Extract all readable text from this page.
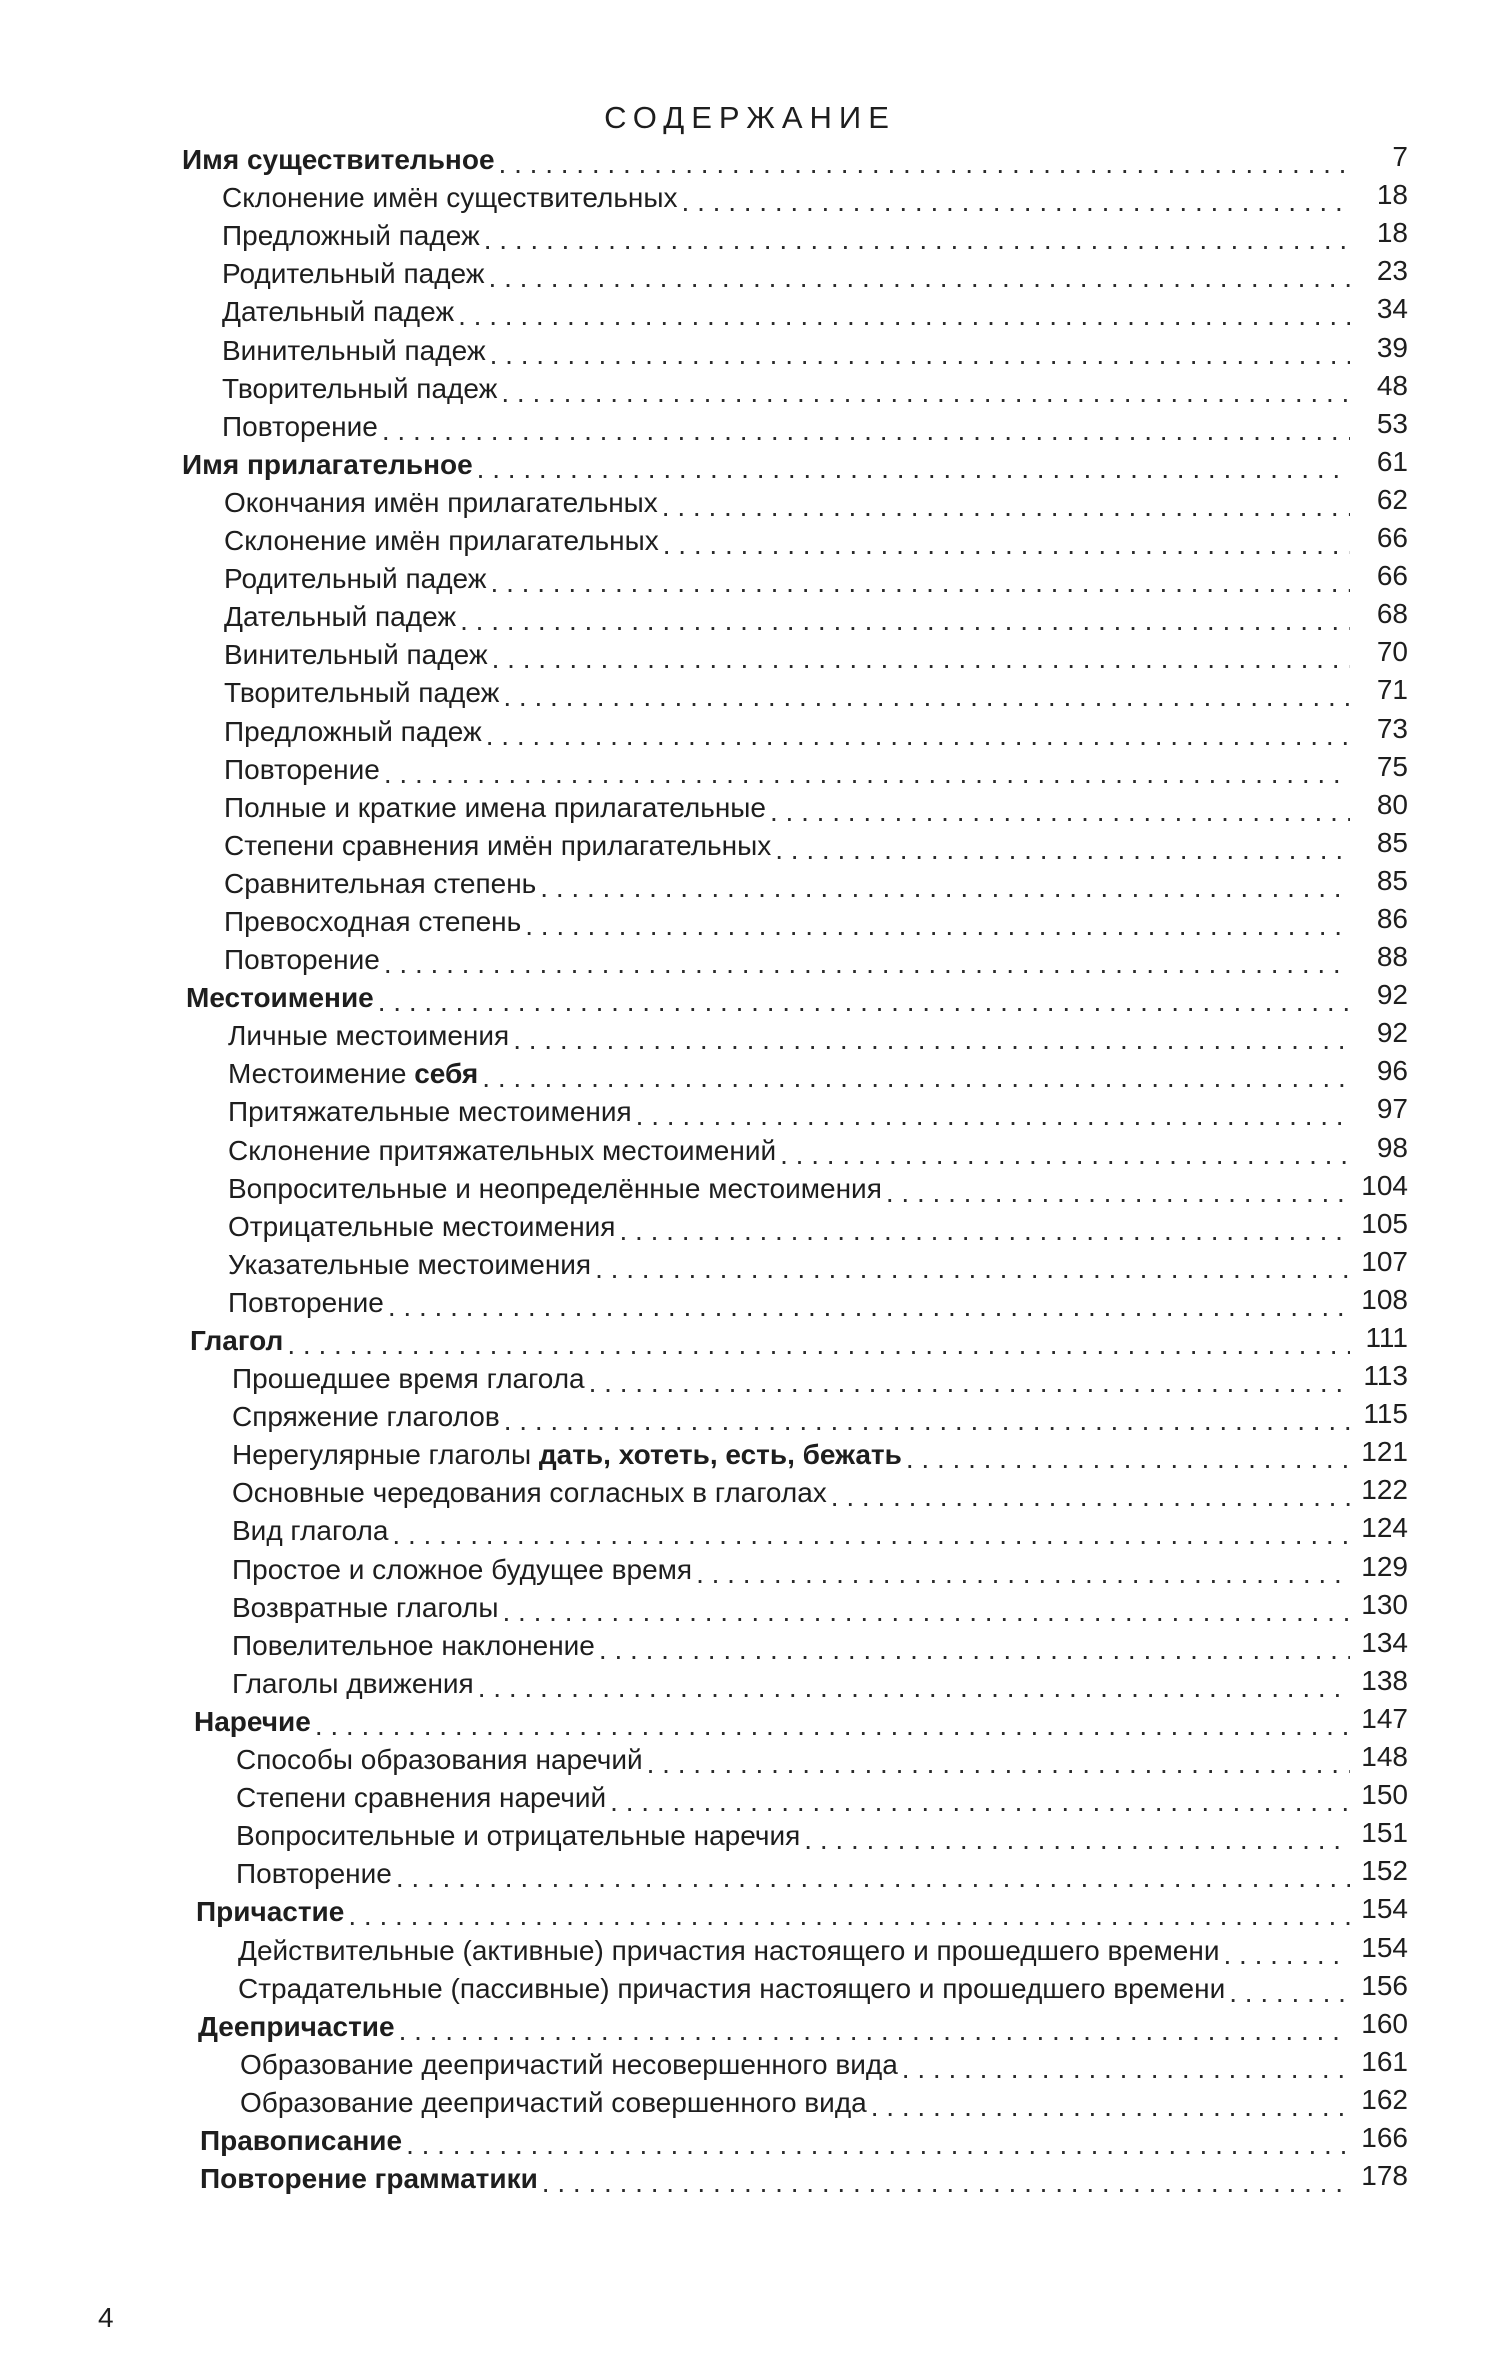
СОДЕРЖАНИЕ
Имя существительное . . .	7
Склонение имён существительных . . .	18
Предложный падеж . . .	18
Родительный падеж . . .	23
Дательный падеж . . .	34
Винительный падеж . . .	39
Творительный падеж . . .	48
Повторение . . .	53
Имя прилагательное . . .	61
Окончания имён прилагательных . . .	62
Склонение имён прилагательных . . .	66
Родительный падеж . . .	66
Дательный падеж . . .	68
Винительный падеж . . .	70
Творительный падеж . . .	71
Предложный падеж . . .	73
Повторение . . .	75
Полные и краткие имена прилагательные . . .	80
Степени сравнения имён прилагательных . . .	85
Сравнительная степень . . .	85
Превосходная степень . . .	86
Повторение . . .	88
Местоимение . . .	92
Личные местоимения . . .	92
Местоимение себя . . .	96
Притяжательные местоимения . . .	97
Склонение притяжательных местоимений . . .	98
Вопросительные и неопределённые местоимения . . .	104
Отрицательные местоимения . . .	105
Указательные местоимения . . .	107
Повторение . . .	108
Глагол . . .	111
Прошедшее время глагола . . .	113
Спряжение глаголов . . .	115
Нерегулярные глаголы дать, хотеть, есть, бежать . . .	121
Основные чередования согласных в глаголах . . .	122
Вид глагола . . .	124
Простое и сложное будущее время . . .	129
Возвратные глаголы . . .	130
Повелительное наклонение . . .	134
Глаголы движения . . .	138
Наречие . . .	147
Способы образования наречий . . .	148
Степени сравнения наречий . . .	150
Вопросительные и отрицательные наречия . . .	151
Повторение . . .	152
Причастие . . .	154
Действительные (активные) причастия настоящего и прошедшего времени . . .	154
Страдательные (пассивные) причастия настоящего и прошедшего времени . . .	156
Деепричастие . . .	160
Образование деепричастий несовершенного вида . . .	161
Образование деепричастий совершенного вида . . .	162
Правописание . . .	166
Повторение грамматики . . .	178
4
